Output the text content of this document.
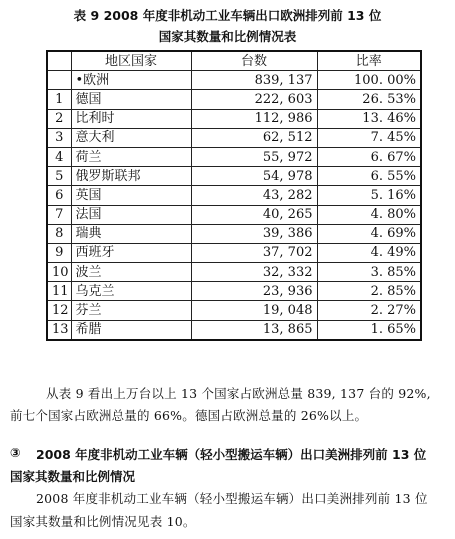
表 9 2008 年度非机动工业车辆出口欧洲排列前 13 位
国家其数量和比例情况表
	地区国家	台数	比率
	•欧洲	839, 137	100. 00%
1	德国	222, 603	26. 53%
2	比利时	112, 986	13. 46%
3	意大利	62, 512	7. 45%
4	荷兰	55, 972	6. 67%
5	俄罗斯联邦	54, 978	6. 55%
6	英国	43, 282	5. 16%
7	法国	40, 265	4. 80%
8	瑞典	39, 386	4. 69%
9	西班牙	37, 702	4. 49%
10	波兰	32, 332	3. 85%
11	乌克兰	23, 936	2. 85%
12	芬兰	19, 048	2. 27%
13	希腊	13, 865	1. 65%
从表 9 看出上万台以上 13 个国家占欧洲总量 839, 137 台的 92%,
前七个国家占欧洲总量的 66%。德国占欧洲总量的 26%以上。
③ 2008 年度非机动工业车辆（轻小型搬运车辆）出口美洲排列前 13 位
国家其数量和比例情况
2008 年度非机动工业车辆（轻小型搬运车辆）出口美洲排列前 13 位
国家其数量和比例情况见表 10。
